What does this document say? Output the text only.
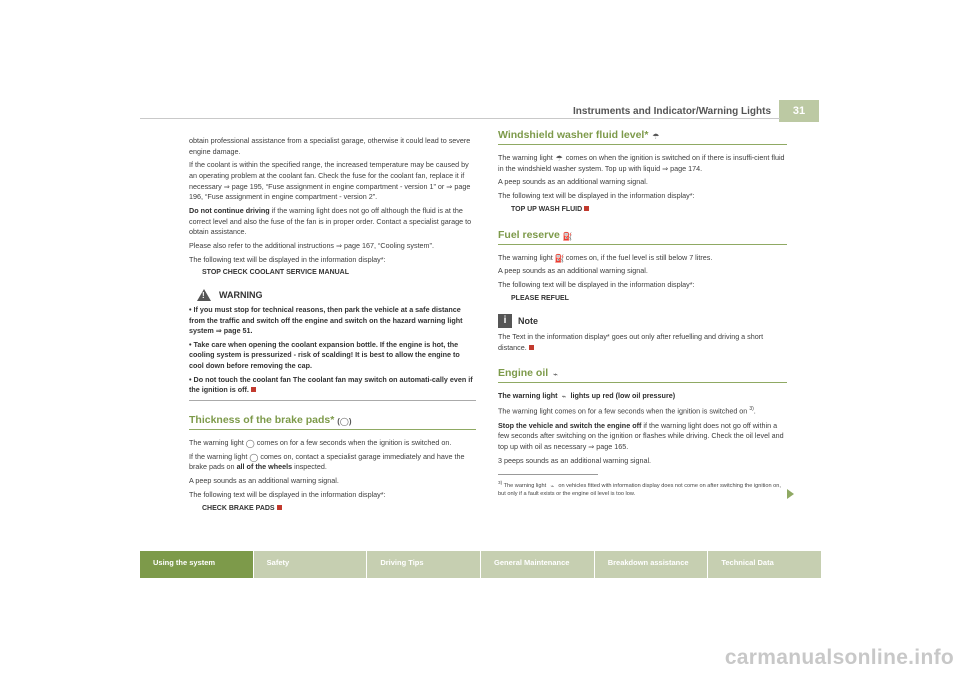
Instruments and Indicator/Warning Lights	31

obtain professional assistance from a specialist garage, otherwise it could lead to severe engine damage.

If the coolant is within the specified range, the increased temperature may be caused by an operating problem at the coolant fan. Check the fuse for the coolant fan, replace it if necessary ⇒ page 195, “Fuse assignment in engine compartment - version 1” or ⇒ page 196, “Fuse assignment in engine compartment - version 2”.

Do not continue driving if the warning light does not go off although the fluid is at the correct level and also the fuse of the fan is in proper order. Contact a specialist garage to obtain assistance.

Please also refer to the additional instructions ⇒ page 167, “Cooling system”.

The following text will be displayed in the information display*:

STOP CHECK COOLANT SERVICE MANUAL
! WARNING
• If you must stop for technical reasons, then park the vehicle at a safe distance from the traffic and switch off the engine and switch on the hazard warning light system ⇒ page 51.
• Take care when opening the coolant expansion bottle. If the engine is hot, the cooling system is pressurized - risk of scalding! It is best to allow the engine to cool down before removing the cap.
• Do not touch the coolant fan The coolant fan may switch on automati-cally even if the ignition is off.
Thickness of the brake pads* (◯)

The warning light ◯ comes on for a few seconds when the ignition is switched on.

If the warning light ◯ comes on, contact a specialist garage immediately and have the brake pads on all of the wheels inspected.

A peep sounds as an additional warning signal.

The following text will be displayed in the information display*:

CHECK BRAKE PADS
Windshield washer fluid level* ☂

The warning light ☂ comes on when the ignition is switched on if there is insuffi-cient fluid in the windshield washer system. Top up with liquid ⇒ page 174.

A peep sounds as an additional warning signal.

The following text will be displayed in the information display*:

TOP UP WASH FLUID
Fuel reserve ⛽

The warning light ⛽ comes on, if the fuel level is still below 7 litres.

A peep sounds as an additional warning signal.

The following text will be displayed in the information display*:

PLEASE REFUEL
i	Note

The Text in the information display* goes out only after refuelling and driving a short distance.

Engine oil ⌁

The warning light ⌁ lights up red (low oil pressure)

The warning light comes on for a few seconds when the ignition is switched on $^{3)}$.

Stop the vehicle and switch the engine off if the warning light does not go off within a few seconds after switching on the ignition or flashes while driving. Check the oil level and top up with oil as necessary ⇒ page 165.

3 peeps sounds as an additional warning signal.

$^{3)}$ The warning light ⌁ on vehicles fitted with information display does not come on after switching the ignition on, but only if a fault exists or the engine oil level is too low.
Using the system	Safety	Driving Tips	General Maintenance	Breakdown assistance	Technical Data
carmanualsonline.info
